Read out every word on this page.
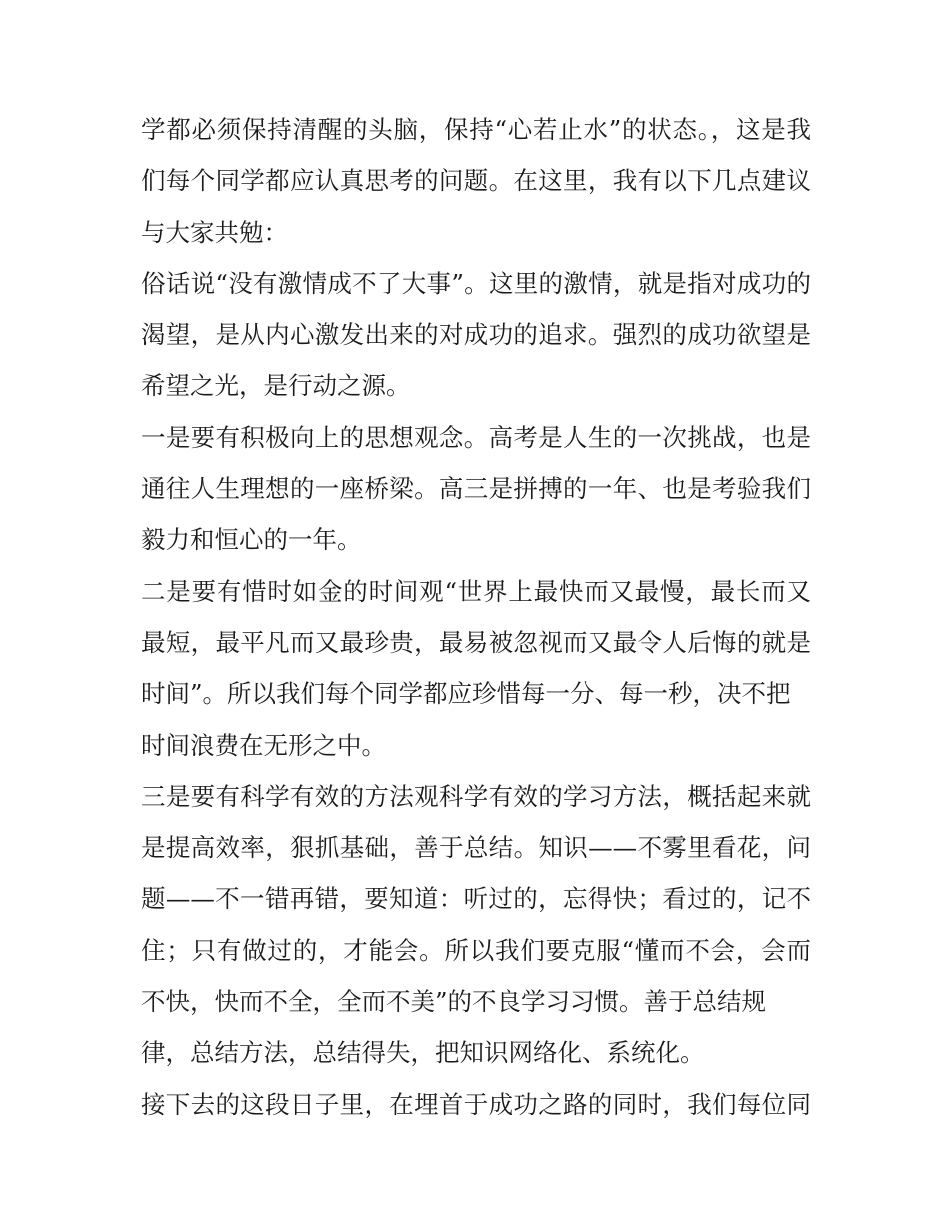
学都必须保持清醒的头脑，保持“心若止水”的状态。，这是我
们每个同学都应认真思考的问题。在这里，我有以下几点建议
与大家共勉：
俗话说“没有激情成不了大事”。这里的激情，就是指对成功的
渴望，是从内心激发出来的对成功的追求。强烈的成功欲望是
希望之光，是行动之源。
一是要有积极向上的思想观念。高考是人生的一次挑战，也是
通往人生理想的一座桥梁。高三是拼搏的一年、也是考验我们
毅力和恒心的一年。
二是要有惜时如金的时间观“世界上最快而又最慢，最长而又
最短，最平凡而又最珍贵，最易被忽视而又最令人后悔的就是
时间”。所以我们每个同学都应珍惜每一分、每一秒，决不把
时间浪费在无形之中。
三是要有科学有效的方法观科学有效的学习方法，概括起来就
是提高效率，狠抓基础，善于总结。知识——不雾里看花，问
题——不一错再错，要知道：听过的，忘得快；看过的，记不
住；只有做过的，才能会。所以我们要克服“懂而不会，会而
不快，快而不全，全而不美”的不良学习习惯。善于总结规
律，总结方法，总结得失，把知识网络化、系统化。
接下去的这段日子里，在埋首于成功之路的同时，我们每位同
